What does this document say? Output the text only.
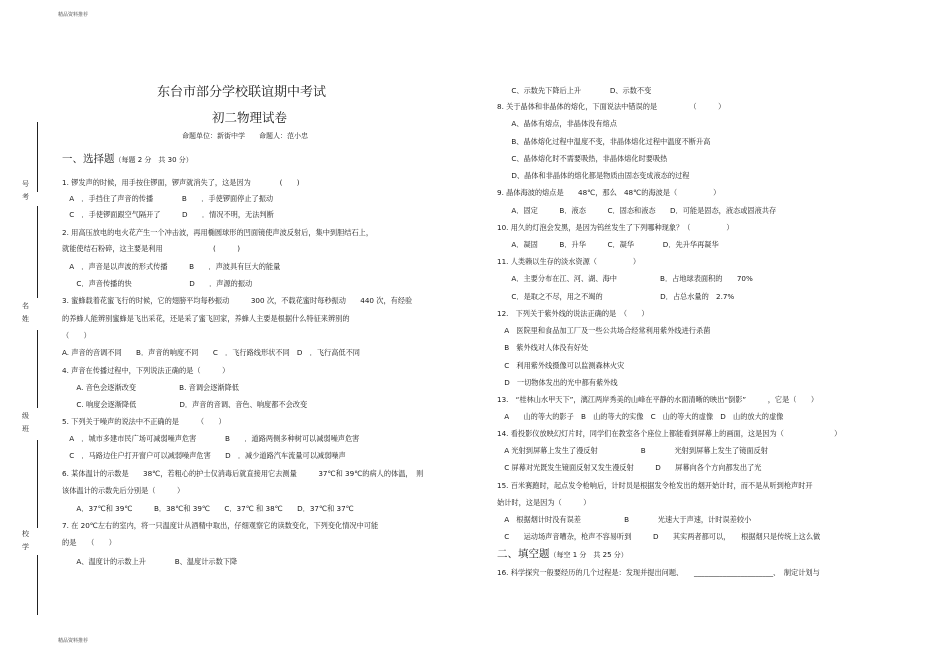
精品资料推荐
精品资料推荐
号考
名姓
级班
校学
东台市部分学校联谊期中考试
初二物理试卷
命题单位：新街中学　　命题人：范小忠
一、选择题（每题 2 分　共 30 分）
1. 锣发声的时候，用手按住锣面，锣声就消失了，这是因为　　　　(　　)
　A　．手挡住了声音的传播　　　　B　　．手使锣面停止了振动
　C　．手使锣面跟空气隔开了　　　D　　．情况不明，无法判断
2. 用高压放电的电火花产生一个冲击波，再用椭圆球形的凹面镜使声波反射后，集中到胆结石上，
就能使结石粉碎，这主要是利用　　　　　　　(　　　)
　A　．声音是以声波的形式传播　　　B　　．声波具有巨大的能量
　　C．声音传播的快　　　　　　　　D　　．声源的振动
3. 蜜蜂载着花蜜飞行的时候，它的翅膀平均每秒振动　　　300 次，不载花蜜时每秒振动　　440 次，有经验
的养蜂人能辨别蜜蜂是飞出采花，还是采了蜜飞回家，养蜂人主要是根据什么特征来辨别的
（　　）
A. 声音的音调不同　　B．声音的响度不同　　C　．飞行路线形状不同　D　．飞行高低不同
4. 声音在传播过程中，下列说法正确的是（　　　）
　　A. 音色会逐渐改变　　　　　　B. 音调会逐渐降低
　　C. 响度会逐渐降低　　　　　　D．声音的音调、音色、响度都不会改变
5. 下列关于噪声的说法中不正确的是　　　（　　）
　A　．城市多建市民广场可减弱噪声危害　　　　B　　．道路两侧多种树可以减弱噪声危害
　C　．马路边住户打开窗户可以减弱噪声危害　　D　．减少道路汽车流量可以减弱噪声
6. 某体温计的示数是　　38℃，若粗心的护士仅消毒后就直接用它去测量　　　37℃和 39℃的病人的体温，　则
该体温计的示数先后分别是（　　　）
　　A．37℃和 39℃　　　B．38℃和 39℃　　C．37℃ 和 38℃　　D．37℃和 37℃
7. 在 20℃左右的室内，将一只温度计从酒精中取出，仔细观察它的读数变化，下列变化情况中可能
的是　　（　　）
　　A、温度计的示数上升　　　　B、温度计示数下降
　　C、示数先下降后上升　　　　D、示数不变
8. 关于晶体和非晶体的熔化，下面说法中错误的是　　　　　（　　　）
　　A、晶体有熔点，非晶体没有熔点
　　B、晶体熔化过程中温度不变，非晶体熔化过程中温度不断升高
　　C、晶体熔化时不需要吸热，非晶体熔化时要吸热
　　D、晶体和非晶体的熔化都是物质由固态变成液态的过程
9. 晶体海波的熔点是　　48℃，那么　48℃的海波是（　　　　　）
　　A．固定　　　B．液态　　　C．固态和液态　　D．可能是固态，液态或固液共存
10. 用久的灯泡会发黑，是因为钨丝发生了下列哪种现象？（　　　　　）
　　A．凝固　　　B．升华　　　C．凝华　　　　D．先升华再凝华
11. 人类赖以生存的淡水资源（　　　　　）
　　A．主要分布在江、河、湖、海中　　　　　　B．占地球表面积的　　70%
　　C．是取之不尽，用之不竭的　　　　　　　　D．占总水量的　2.7%
12.　下列关于紫外线的说法正确的是　（　　）
　A　医院里和食品加工厂及一些公共场合经常利用紫外线进行杀菌
　B　紫外线对人体没有好处
　C　利用紫外线摄像可以监测森林火灾
　D　一切物体发出的光中都有紫外线
13.　“桂林山水甲天下”，漓江两岸秀美的山峰在平静的水面清晰的映出“倒影”　　　，它是（　　）
　A　　山的等大的影子　B　山的等大的实像　C　山的等大的虚像　D　山的放大的虚像
14. 看投影仪放映幻灯片时，同学们在教室各个座位上都能看到屏幕上的画面，这是因为（　　　　　　　）
　A 光射到屏幕上发生了漫反射　　　　　　B　　　　光射到屏幕上发生了镜面反射
　C 屏幕对光既发生镜面反射又发生漫反射　　　D　　屏幕向各个方向都发出了光
15. 百米赛跑时，起点发令枪响后，计时员是根据发令枪发出的烟开始计时，而不是从听到枪声时开
始计时，这是因为（　　　）
　A　根据烟计时没有误差　　　　　　B　　　　光速大于声速，计时误差较小
　C　　运动场声音嘈杂，枪声不容易听到　　　D　　其实两者都可以，　　根据烟只是传统上这么做
二、填空题（每空 1 分　共 25 分）
16. 科学探究一般要经历的几个过程是：发现并提出问题、　　______________________、　制定计划与
